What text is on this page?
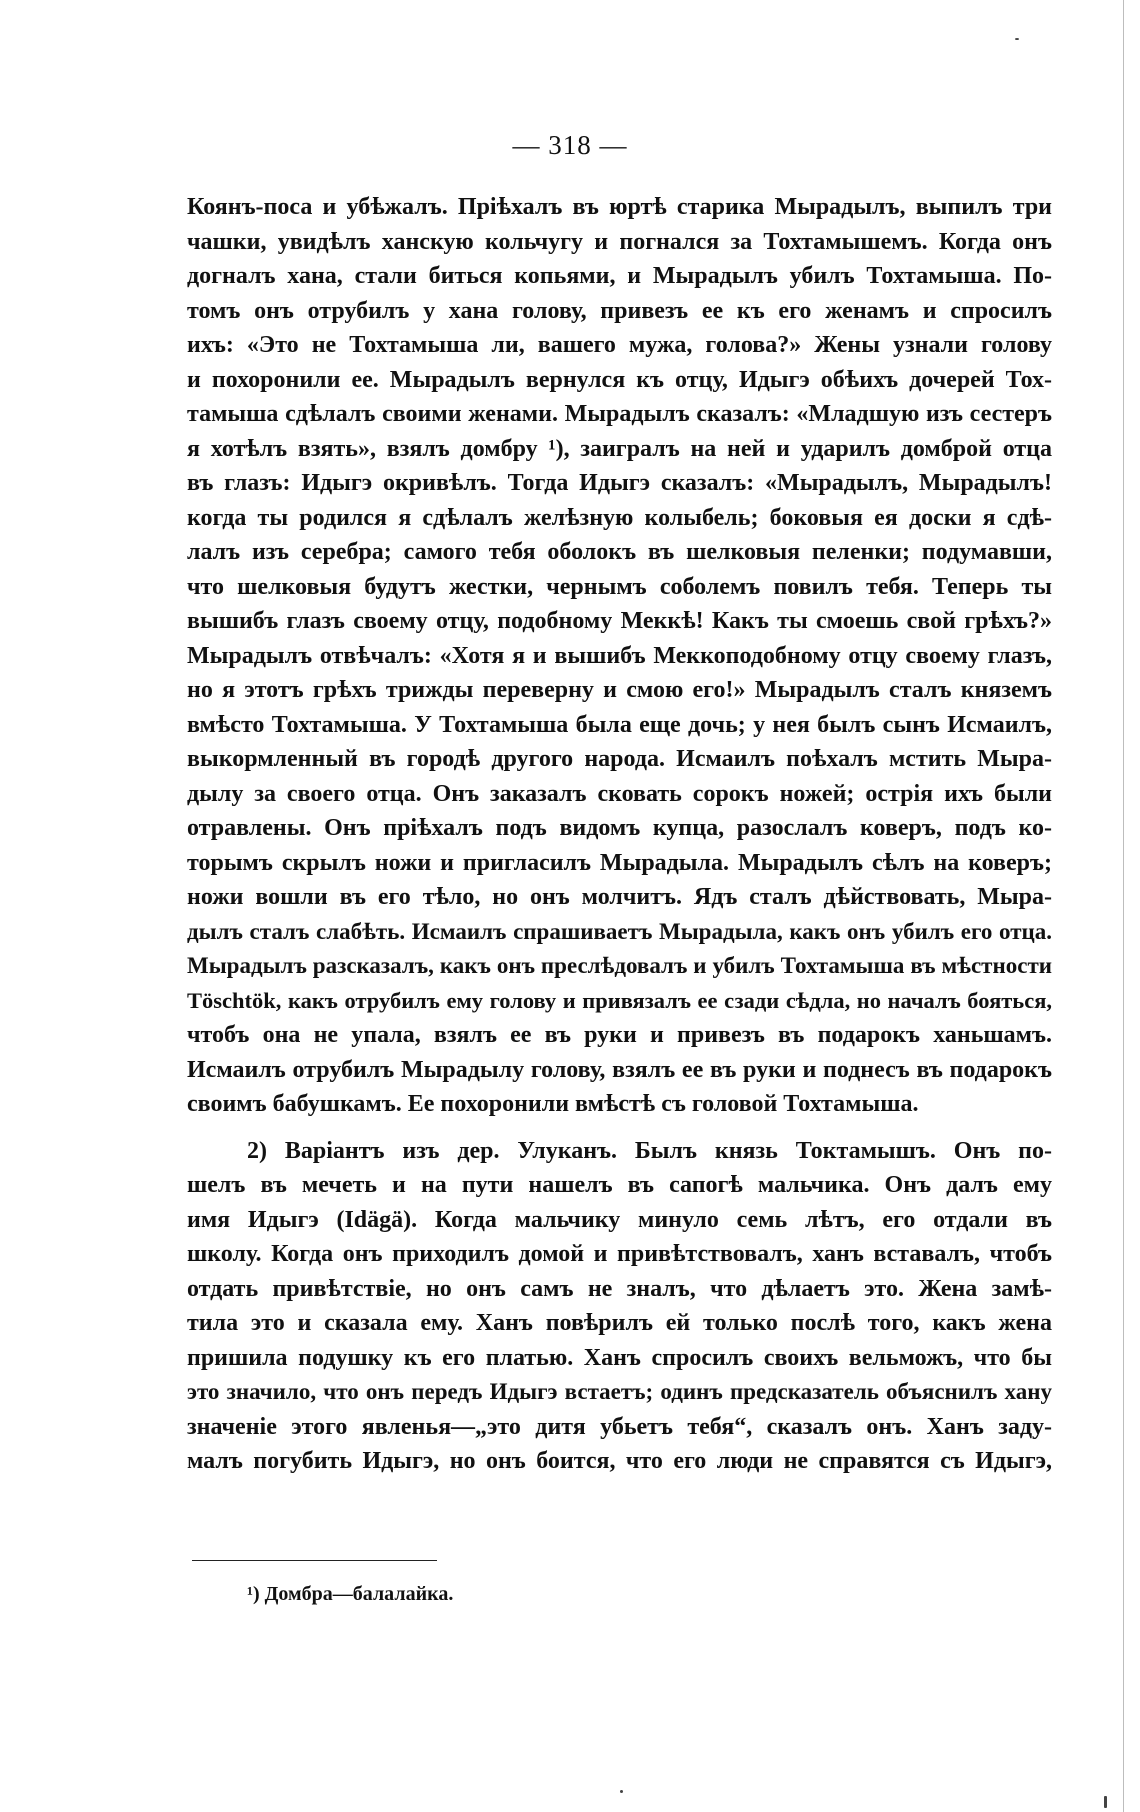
— 318 —
Коянъ-поса и убѣжалъ. Пріѣхалъ въ юртѣ старика Мырадылъ, выпилъ три
чашки, увидѣлъ ханскую кольчугу и погнался за Тохтамышемъ. Когда онъ
догналъ хана, стали биться копьями, и Мырадылъ убилъ Тохтамыша. По-
томъ онъ отрубилъ у хана голову, привезъ ее къ его женамъ и спросилъ
ихъ: «Это не Тохтамыша ли, вашего мужа, голова?» Жены узнали голову
и похоронили ее. Мырадылъ вернулся къ отцу, Идыгэ обѣихъ дочерей Тох-
тамыша сдѣлалъ своими женами. Мырадылъ сказалъ: «Младшую изъ сестеръ
я хотѣлъ взять», взялъ домбру ¹), заигралъ на ней и ударилъ домброй отца
въ глазъ: Идыгэ окривѣлъ. Тогда Идыгэ сказалъ: «Мырадылъ, Мырадылъ!
когда ты родился я сдѣлалъ желѣзную колыбель; боковыя ея доски я сдѣ-
лалъ изъ серебра; самого тебя оболокъ въ шелковыя пеленки; подумавши,
что шелковыя будутъ жестки, чернымъ соболемъ повилъ тебя. Теперь ты
вышибъ глазъ своему отцу, подобному Меккѣ! Какъ ты смоешь свой грѣхъ?»
Мырадылъ отвѣчалъ: «Хотя я и вышибъ Меккоподобному отцу своему глазъ,
но я этотъ грѣхъ трижды переверну и смою его!» Мырадылъ сталъ княземъ
вмѣсто Тохтамыша. У Тохтамыша была еще дочь; у нея былъ сынъ Исмаилъ,
выкормленный въ городѣ другого народа. Исмаилъ поѣхалъ мстить Мыра-
дылу за своего отца. Онъ заказалъ сковать сорокъ ножей; острія ихъ были
отравлены. Онъ пріѣхалъ подъ видомъ купца, разослалъ коверъ, подъ ко-
торымъ скрылъ ножи и пригласилъ Мырадыла. Мырадылъ сѣлъ на коверъ;
ножи вошли въ его тѣло, но онъ молчитъ. Ядъ сталъ дѣйствовать, Мыра-
дылъ сталъ слабѣть. Исмаилъ спрашиваетъ Мырадыла, какъ онъ убилъ его отца.
Мырадылъ разсказалъ, какъ онъ преслѣдовалъ и убилъ Тохтамыша въ мѣстности
Töschtök, какъ отрубилъ ему голову и привязалъ ее сзади сѣдла, но началъ бояться,
чтобъ она не упала, взялъ ее въ руки и привезъ въ подарокъ ханьшамъ.
Исмаилъ отрубилъ Мырадылу голову, взялъ ее въ руки и поднесъ въ подарокъ
своимъ бабушкамъ. Ее похоронили вмѣстѣ съ головой Тохтамыша.
2) Варіантъ изъ дер. Улуканъ. Былъ князь Токтамышъ. Онъ по-
шелъ въ мечеть и на пути нашелъ въ сапогѣ мальчика. Онъ далъ ему
имя Идыгэ (Idägä). Когда мальчику минуло семь лѣтъ, его отдали въ
школу. Когда онъ приходилъ домой и привѣтствовалъ, ханъ вставалъ, чтобъ
отдать привѣтствіе, но онъ самъ не зналъ, что дѣлаетъ это. Жена замѣ-
тила это и сказала ему. Ханъ повѣрилъ ей только послѣ того, какъ жена
пришила подушку къ его платью. Ханъ спросилъ своихъ вельможъ, что бы
это значило, что онъ передъ Идыгэ встаетъ; одинъ предсказатель объяснилъ хану
значеніе этого явленья—„это дитя убьетъ тебя“, сказалъ онъ. Ханъ заду-
малъ погубить Идыгэ, но онъ боится, что его люди не справятся съ Идыгэ,
¹) Домбра—балалайка.
